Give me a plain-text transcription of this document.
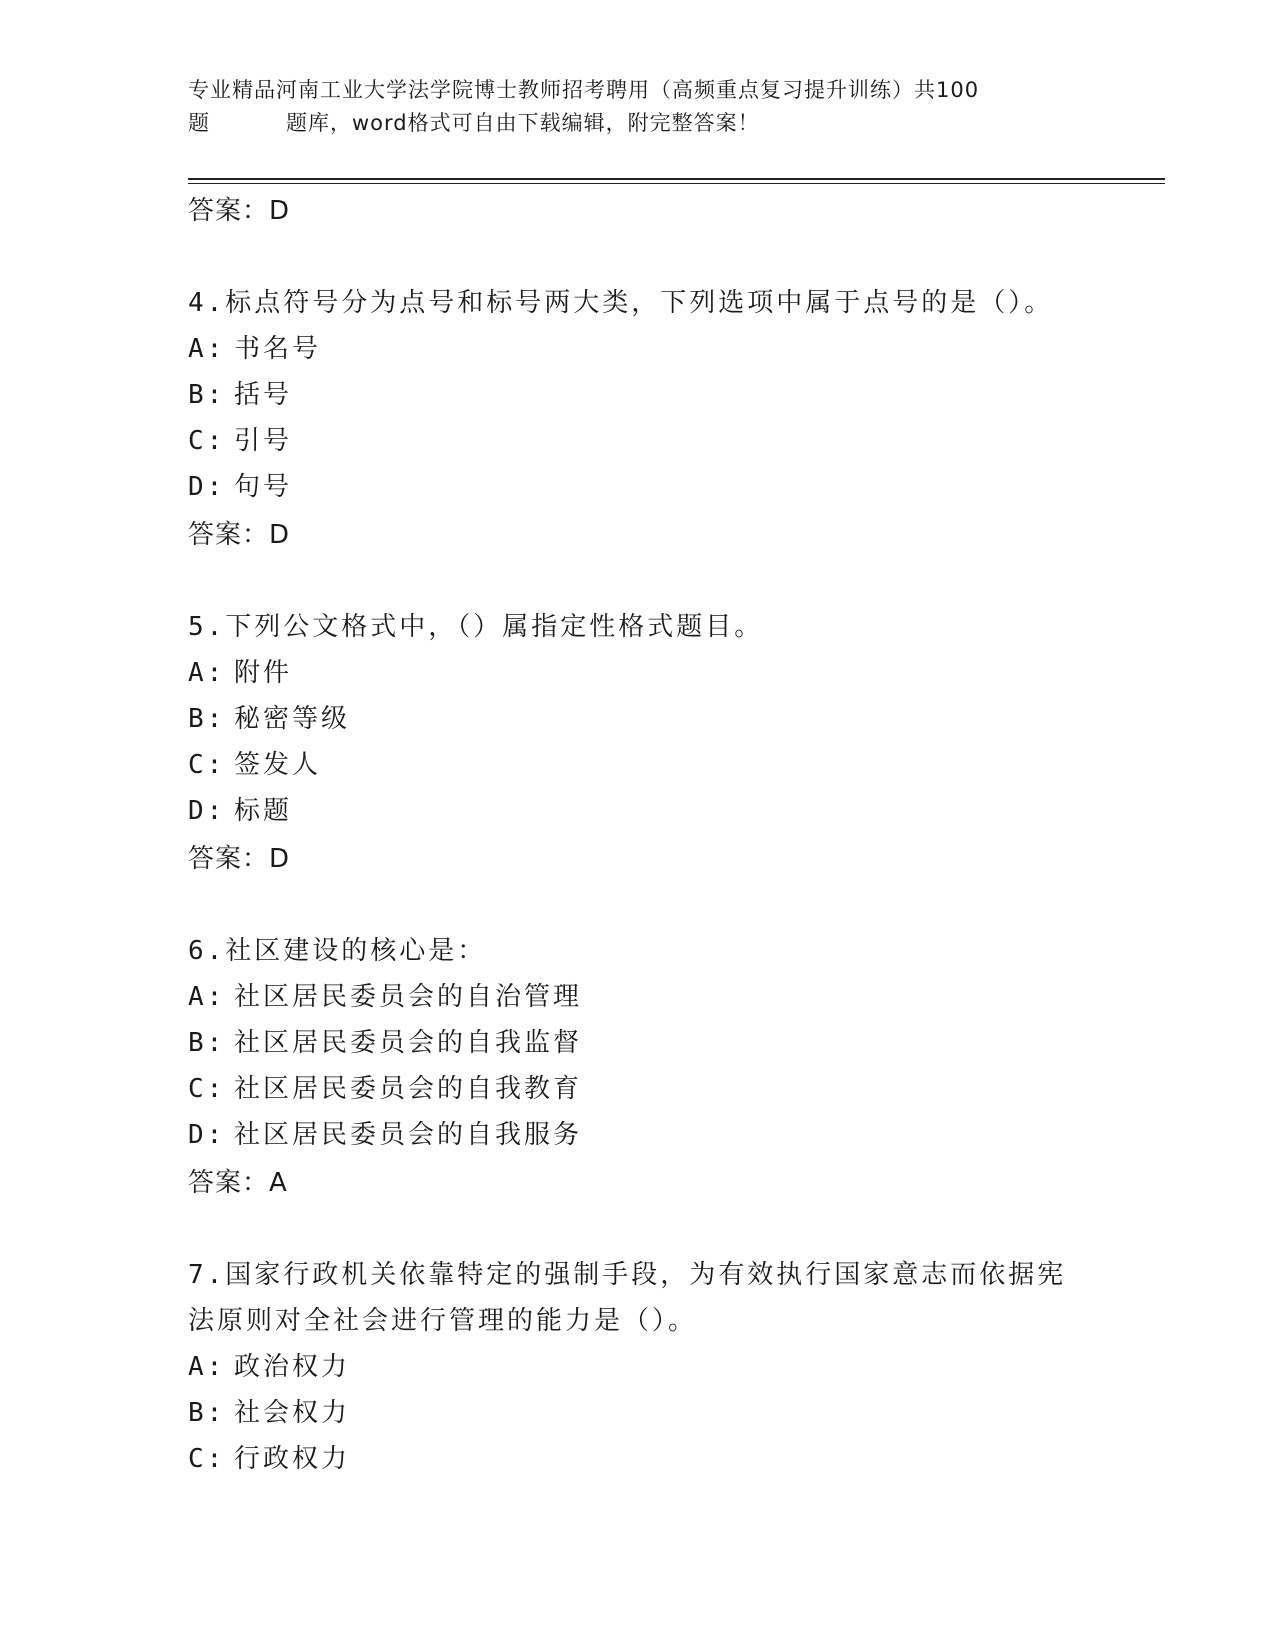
专业精品河南工业大学法学院博士教师招考聘用（高频重点复习提升训练）共100
题	题库，word格式可自由下载编辑，附完整答案！
答案：D
4.标点符号分为点号和标号两大类，下列选项中属于点号的是（）。
A: 书名号
B: 括号
C: 引号
D: 句号
答案：D
5.下列公文格式中，（）属指定性格式题目。
A: 附件
B: 秘密等级
C: 签发人
D: 标题
答案：D
6.社区建设的核心是：
A: 社区居民委员会的自治管理
B: 社区居民委员会的自我监督
C: 社区居民委员会的自我教育
D: 社区居民委员会的自我服务
答案：A
7.国家行政机关依靠特定的强制手段，为有效执行国家意志而依据宪
法原则对全社会进行管理的能力是（）。
A: 政治权力
B: 社会权力
C: 行政权力
